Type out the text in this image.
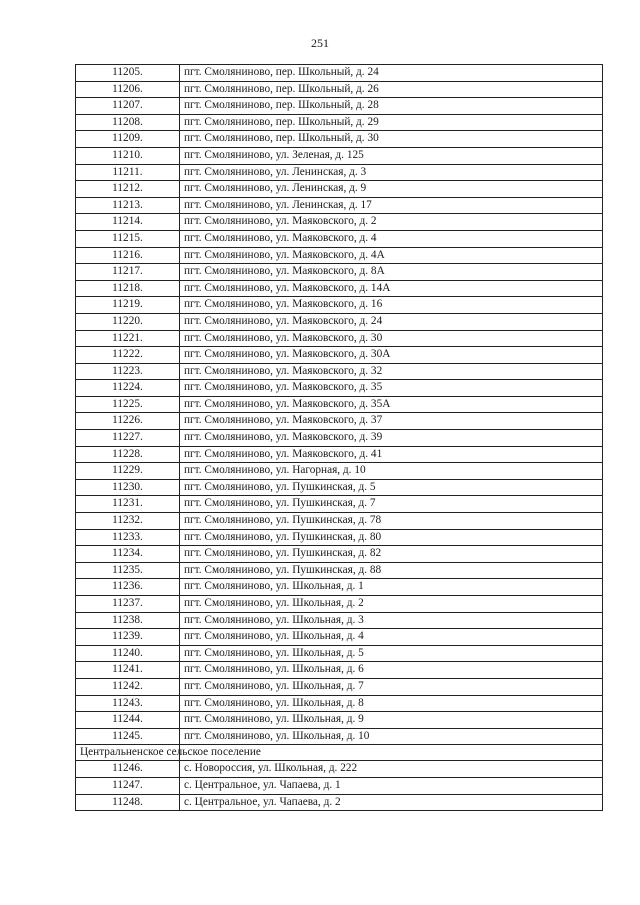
251
11205.	пгт. Смоляниново, пер. Школьный, д. 24
11206.	пгт. Смоляниново, пер. Школьный, д. 26
11207.	пгт. Смоляниново, пер. Школьный, д. 28
11208.	пгт. Смоляниново, пер. Школьный, д. 29
11209.	пгт. Смоляниново, пер. Школьный, д. 30
11210.	пгт. Смоляниново, ул. Зеленая, д. 125
11211.	пгт. Смоляниново, ул. Ленинская, д. 3
11212.	пгт. Смоляниново, ул. Ленинская, д. 9
11213.	пгт. Смоляниново, ул. Ленинская, д. 17
11214.	пгт. Смоляниново, ул. Маяковского, д. 2
11215.	пгт. Смоляниново, ул. Маяковского, д. 4
11216.	пгт. Смоляниново, ул. Маяковского, д. 4А
11217.	пгт. Смоляниново, ул. Маяковского, д. 8А
11218.	пгт. Смоляниново, ул. Маяковского, д. 14А
11219.	пгт. Смоляниново, ул. Маяковского, д. 16
11220.	пгт. Смоляниново, ул. Маяковского, д. 24
11221.	пгт. Смоляниново, ул. Маяковского, д. 30
11222.	пгт. Смоляниново, ул. Маяковского, д. 30А
11223.	пгт. Смоляниново, ул. Маяковского, д. 32
11224.	пгт. Смоляниново, ул. Маяковского, д. 35
11225.	пгт. Смоляниново, ул. Маяковского, д. 35А
11226.	пгт. Смоляниново, ул. Маяковского, д. 37
11227.	пгт. Смоляниново, ул. Маяковского, д. 39
11228.	пгт. Смоляниново, ул. Маяковского, д. 41
11229.	пгт. Смоляниново, ул. Нагорная, д. 10
11230.	пгт. Смоляниново, ул. Пушкинская, д. 5
11231.	пгт. Смоляниново, ул. Пушкинская, д. 7
11232.	пгт. Смоляниново, ул. Пушкинская, д. 78
11233.	пгт. Смоляниново, ул. Пушкинская, д. 80
11234.	пгт. Смоляниново, ул. Пушкинская, д. 82
11235.	пгт. Смоляниново, ул. Пушкинская, д. 88
11236.	пгт. Смоляниново, ул. Школьная, д. 1
11237.	пгт. Смоляниново, ул. Школьная, д. 2
11238.	пгт. Смоляниново, ул. Школьная, д. 3
11239.	пгт. Смоляниново, ул. Школьная, д. 4
11240.	пгт. Смоляниново, ул. Школьная, д. 5
11241.	пгт. Смоляниново, ул. Школьная, д. 6
11242.	пгт. Смоляниново, ул. Школьная, д. 7
11243.	пгт. Смоляниново, ул. Школьная, д. 8
11244.	пгт. Смоляниново, ул. Школьная, д. 9
11245.	пгт. Смоляниново, ул. Школьная, д. 10
Центральненское сельское поселение	
11246.	с. Новороссия, ул. Школьная, д. 222
11247.	с. Центральное, ул. Чапаева, д. 1
11248.	с. Центральное, ул. Чапаева, д. 2
